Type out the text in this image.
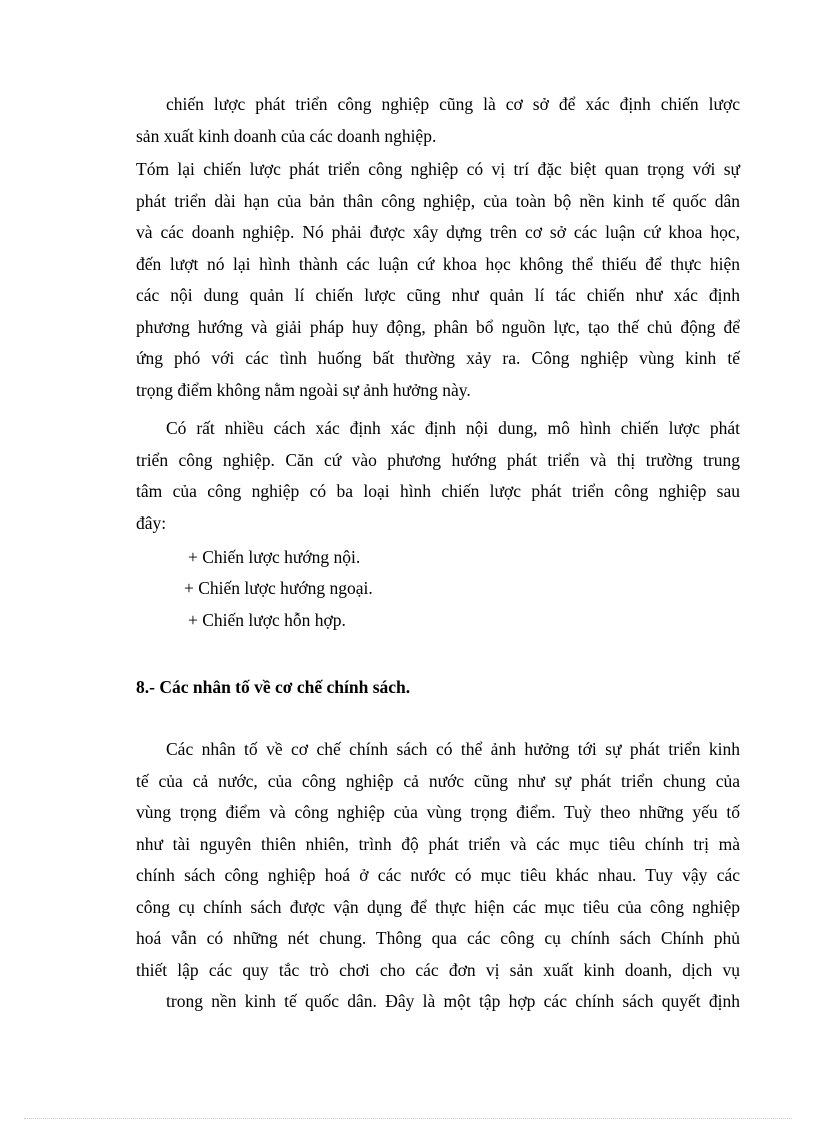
chiến lược phát triển công nghiệp cũng là cơ sở để xác định chiến lược
sản xuất kinh doanh của các doanh nghiệp.
Tóm lại chiến lược phát triển công nghiệp có vị trí đặc biệt quan trọng với sự
phát triển dài hạn của bản thân công nghiệp, của toàn bộ nền kinh tế quốc dân
và các doanh nghiệp. Nó phải được xây dựng trên cơ sở các luận cứ khoa học,
đến lượt nó lại hình thành các luận cứ khoa học không thể thiếu để thực hiện
các nội dung quản lí chiến lược cũng như quản lí tác chiến như xác định
phương hướng và giải pháp huy động, phân bổ nguồn lực, tạo thế chủ động để
ứng phó với các tình huống bất thường xảy ra. Công nghiệp vùng kinh tế
trọng điểm không nằm ngoài sự ảnh hưởng này.
Có rất nhiều cách xác định xác định nội dung, mô hình chiến lược phát
triển công nghiệp. Căn cứ vào phương hướng phát triển và thị trường trung
tâm của công nghiệp có ba loại hình chiến lược phát triển công nghiệp sau
đây:
+ Chiến lược hướng nội.
+ Chiến lược hướng ngoại.
+ Chiến lược hỗn hợp.
8.- Các nhân tố về cơ chế chính sách.
Các nhân tố về cơ chế chính sách có thể ảnh hưởng tới sự phát triển kinh
tế của cả nước, của công nghiệp cả nước cũng như sự phát triển chung của
vùng trọng điểm và công nghiệp của vùng trọng điểm. Tuỳ theo những yếu tố
như tài nguyên thiên nhiên, trình độ phát triển và các mục tiêu chính trị mà
chính sách công nghiệp hoá ở các nước có mục tiêu khác nhau. Tuy vậy các
công cụ chính sách được vận dụng để thực hiện các mục tiêu của công nghiệp
hoá vẫn có những nét chung. Thông qua các công cụ chính sách Chính phủ
thiết lập các quy tắc trò chơi cho các đơn vị sản xuất kinh doanh, dịch vụ
trong nền kinh tế quốc dân. Đây là một tập hợp các chính sách quyết định
